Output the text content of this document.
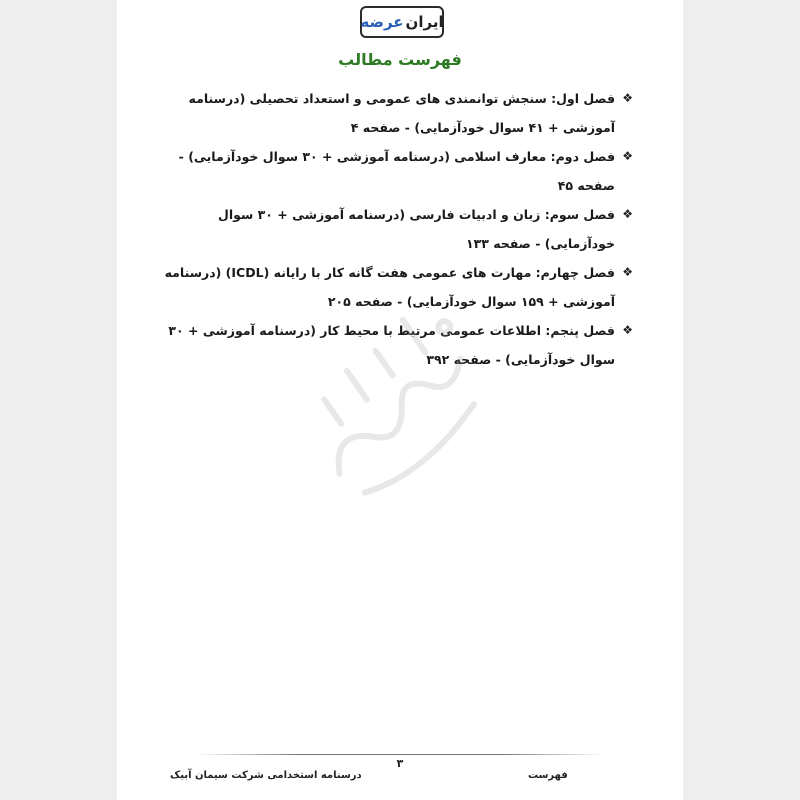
ایران
عرضه
فهرست مطالب

❖
فصل اول: سنجش توانمندی های عمومی و استعداد تحصیلی (درسنامه آموزشی + ۴۱ سوال خودآزمایی) - صفحه ۴

❖
فصل دوم: معارف اسلامی (درسنامه آموزشی + ۳۰ سوال خودآزمایی) - صفحه ۴۵

❖
فصل سوم: زبان و ادبیات فارسی (درسنامه آموزشی + ۳۰ سوال خودآزمایی) - صفحه ۱۳۳

❖
فصل چهارم: مهارت های عمومی هفت گانه کار با رایانه (ICDL) (درسنامه آموزشی + ۱۵۹ سوال خودآزمایی) - صفحه ۲۰۵

❖
فصل پنجم: اطلاعات عمومی مرتبط با محیط کار (درسنامه آموزشی + ۳۰ سوال خودآزمایی) - صفحه ۳۹۲

۳
درسنامه استخدامی شرکت سیمان آبیک	فهرست
